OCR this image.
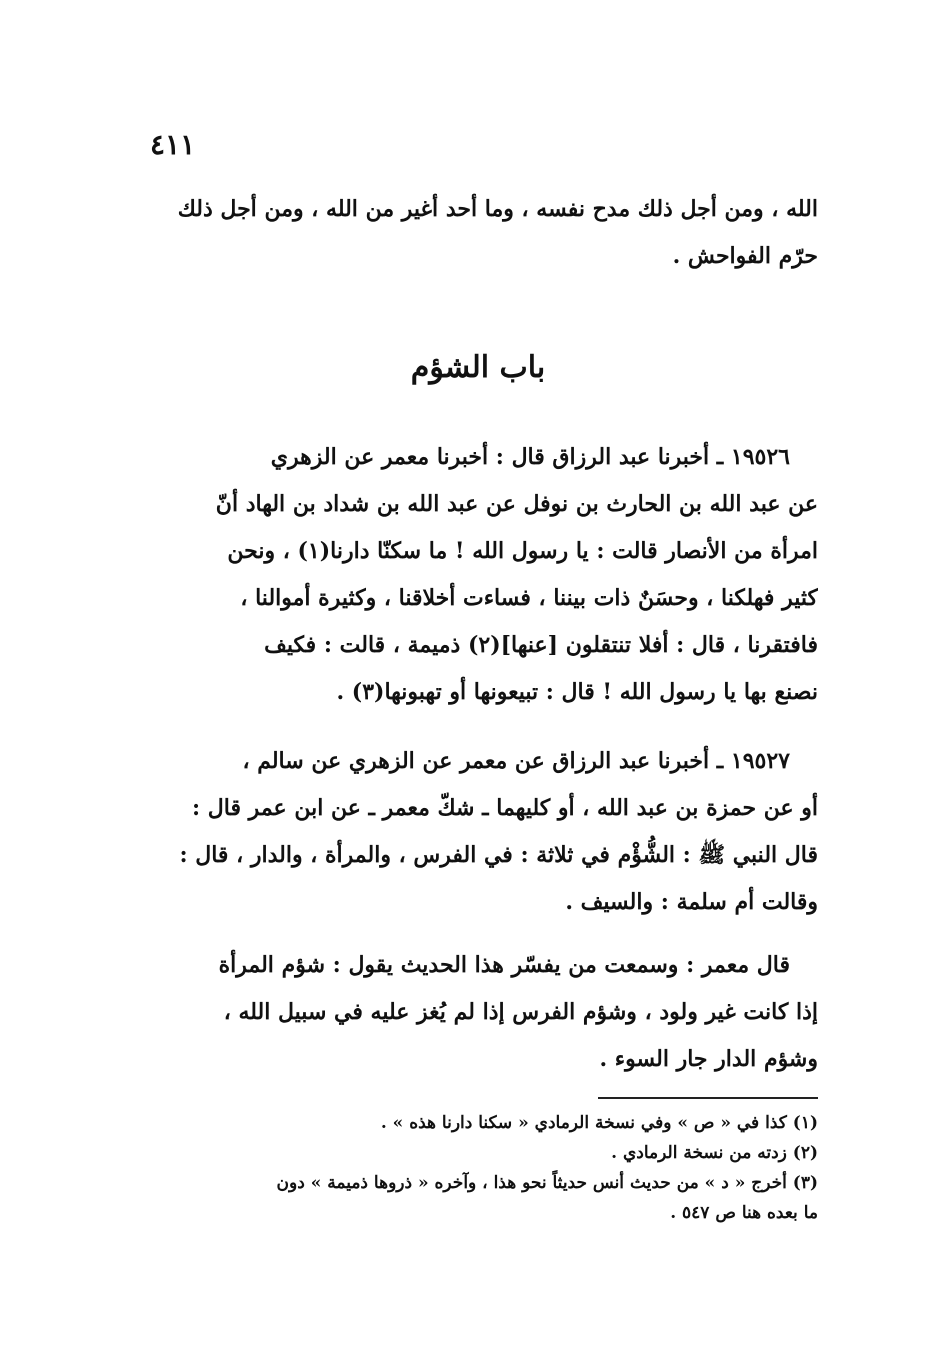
٤١١
الله ، ومن أجل ذلك مدح نفسه ، وما أحد أغير من الله ، ومن أجل ذلك
حرّم الفواحش .
باب الشؤم
١٩٥٢٦ ـ أخبرنا عبد الرزاق قال : أخبرنا معمر عن الزهري
عن عبد الله بن الحارث بن نوفل عن عبد الله بن شداد بن الهاد أنّ
امرأة من الأنصار قالت : يا رسول الله ! ما سكنّا دارنا(١) ، ونحن
كثير فهلكنا ، وحسَنٌ ذات بيننا ، فساءت أخلاقنا ، وكثيرة أموالنا ،
فافتقرنا ، قال : أفلا تنتقلون [عنها](٢) ذميمة ، قالت : فكيف
نصنع بها يا رسول الله ! قال : تبيعونها أو تهبونها(٣) .
١٩٥٢٧ ـ أخبرنا عبد الرزاق عن معمر عن الزهري عن سالم ،
أو عن حمزة بن عبد الله ، أو كليهما ـ شكّ معمر ـ عن ابن عمر قال :
قال النبي ﷺ : الشُّؤْم في ثلاثة : في الفرس ، والمرأة ، والدار ، قال :
وقالت أم سلمة : والسيف .
قال معمر : وسمعت من يفسّر هذا الحديث يقول : شؤم المرأة
إذا كانت غير ولود ، وشؤم الفرس إذا لم يُغز عليه في سبيل الله ،
وشؤم الدار جار السوء .
(١) كذا في « ص » وفي نسخة الرمادي « سكنا دارنا هذه » .
(٢) زدته من نسخة الرمادي .
(٣) أخرج « د » من حديث أنس حديثاً نحو هذا ، وآخره « ذروها ذميمة » دون
ما بعده هنا ص ٥٤٧ .
